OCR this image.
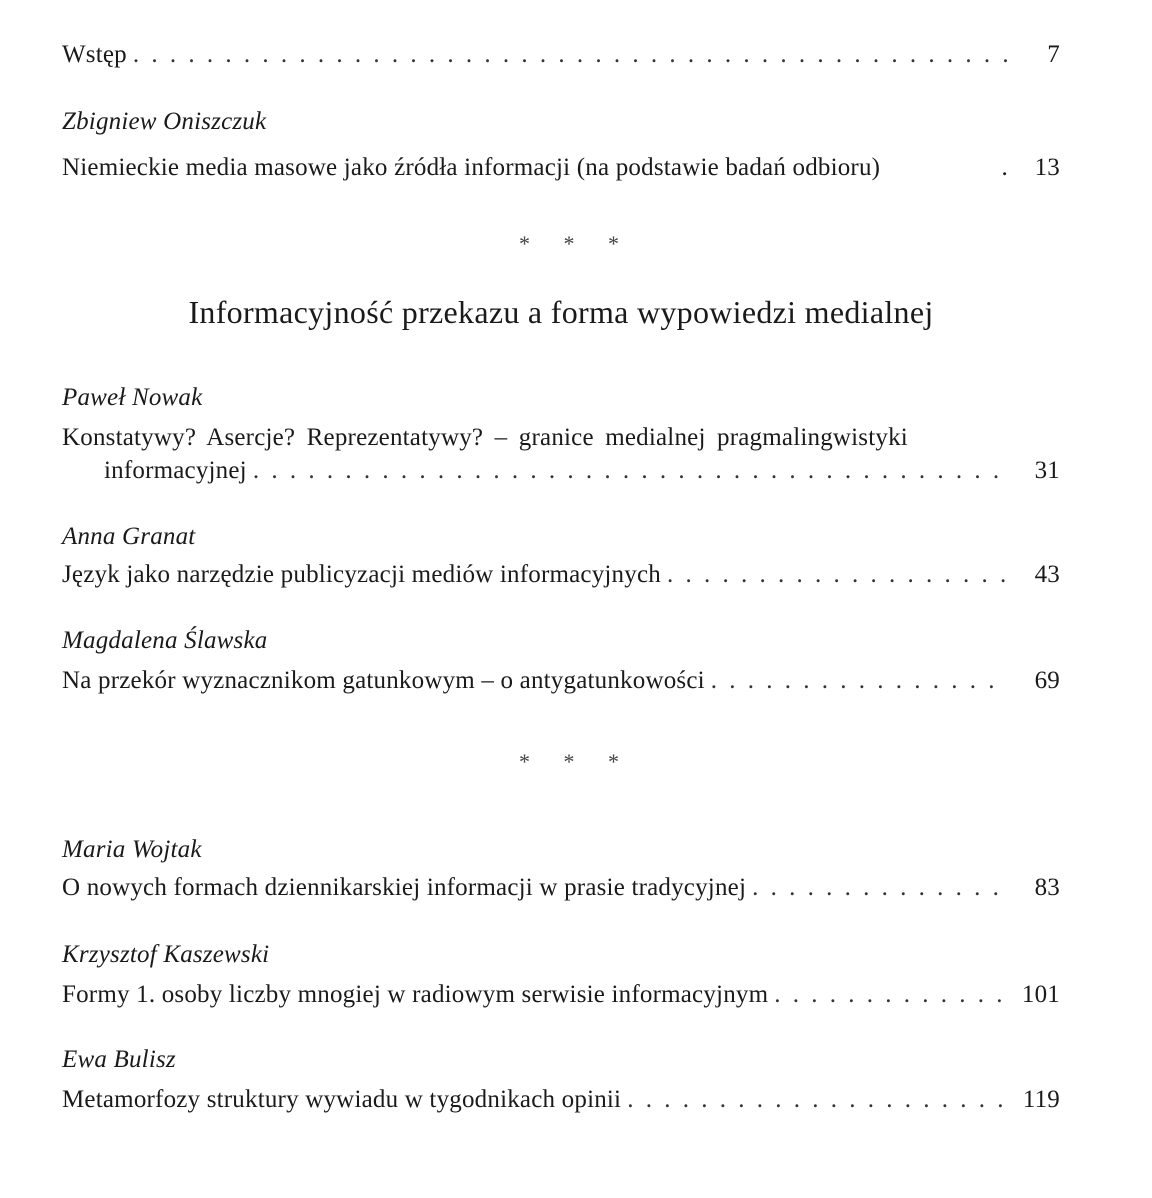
Wstęp . . .	7
Zbigniew Oniszczuk
Niemieckie media masowe jako źródła informacji (na podstawie badań odbioru)	.	13
* * *
Informacyjność przekazu a forma wypowiedzi medialnej
Paweł Nowak
Konstatywy? Asercje? Reprezentatywy? – granice medialnej pragmalingwistyki
informacyjnej . . .	31
Anna Granat
Język jako narzędzie publicyzacji mediów informacyjnych . . .	43
Magdalena Ślawska
Na przekór wyznacznikom gatunkowym – o antygatunkowości . . .	69
* * *
Maria Wojtak
O nowych formach dziennikarskiej informacji w prasie tradycyjnej . . .	83
Krzysztof Kaszewski
Formy 1. osoby liczby mnogiej w radiowym serwisie informacyjnym . . .	101
Ewa Bulisz
Metamorfozy struktury wywiadu w tygodnikach opinii . . .	119
